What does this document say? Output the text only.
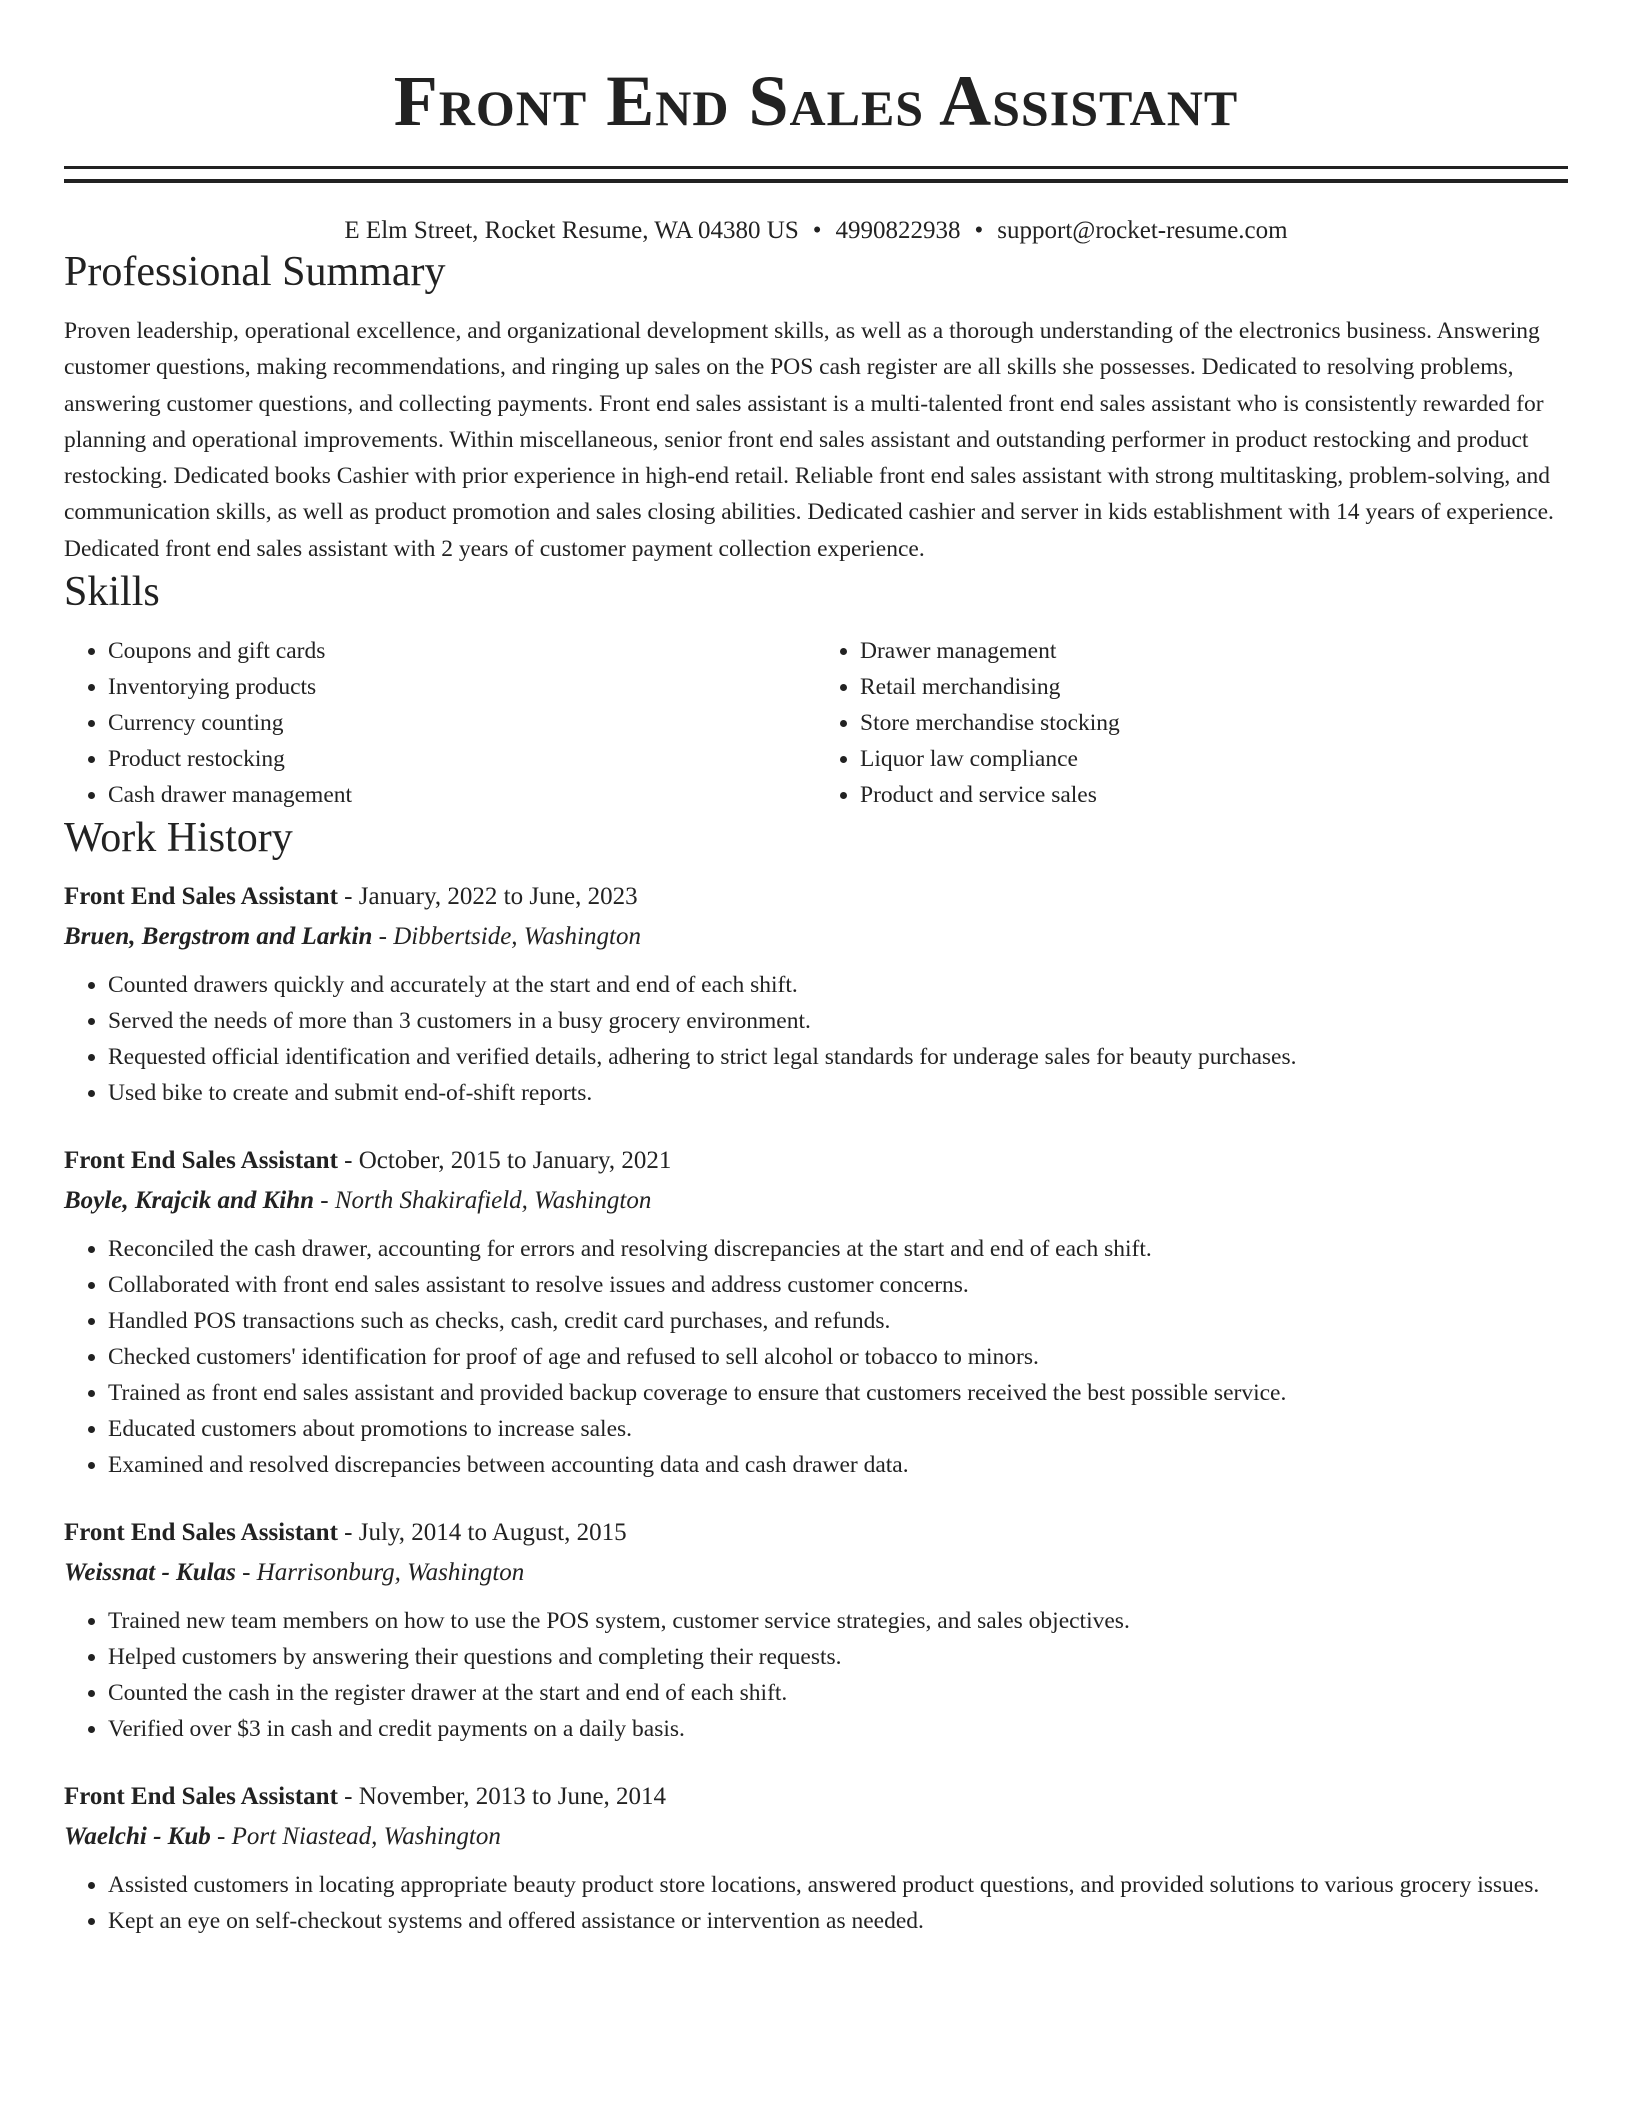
Front End Sales Assistant
E Elm Street, Rocket Resume, WA 04380 US • 4990822938 • support@rocket-resume.com
Professional Summary
Proven leadership, operational excellence, and organizational development skills, as well as a thorough understanding of the electronics business. Answering customer questions, making recommendations, and ringing up sales on the POS cash register are all skills she possesses. Dedicated to resolving problems, answering customer questions, and collecting payments. Front end sales assistant is a multi-talented front end sales assistant who is consistently rewarded for planning and operational improvements. Within miscellaneous, senior front end sales assistant and outstanding performer in product restocking and product restocking. Dedicated books Cashier with prior experience in high-end retail. Reliable front end sales assistant with strong multitasking, problem-solving, and communication skills, as well as product promotion and sales closing abilities. Dedicated cashier and server in kids establishment with 14 years of experience. Dedicated front end sales assistant with 2 years of customer payment collection experience.
Skills
• Coupons and gift cards
• Inventorying products
• Currency counting
• Product restocking
• Cash drawer management
• Drawer management
• Retail merchandising
• Store merchandise stocking
• Liquor law compliance
• Product and service sales
Work History
Front End Sales Assistant - January, 2022 to June, 2023
Bruen, Bergstrom and Larkin - Dibbertside, Washington
• Counted drawers quickly and accurately at the start and end of each shift.
• Served the needs of more than 3 customers in a busy grocery environment.
• Requested official identification and verified details, adhering to strict legal standards for underage sales for beauty purchases.
• Used bike to create and submit end-of-shift reports.
Front End Sales Assistant - October, 2015 to January, 2021
Boyle, Krajcik and Kihn - North Shakirafield, Washington
• Reconciled the cash drawer, accounting for errors and resolving discrepancies at the start and end of each shift.
• Collaborated with front end sales assistant to resolve issues and address customer concerns.
• Handled POS transactions such as checks, cash, credit card purchases, and refunds.
• Checked customers' identification for proof of age and refused to sell alcohol or tobacco to minors.
• Trained as front end sales assistant and provided backup coverage to ensure that customers received the best possible service.
• Educated customers about promotions to increase sales.
• Examined and resolved discrepancies between accounting data and cash drawer data.
Front End Sales Assistant - July, 2014 to August, 2015
Weissnat - Kulas - Harrisonburg, Washington
• Trained new team members on how to use the POS system, customer service strategies, and sales objectives.
• Helped customers by answering their questions and completing their requests.
• Counted the cash in the register drawer at the start and end of each shift.
• Verified over $3 in cash and credit payments on a daily basis.
Front End Sales Assistant - November, 2013 to June, 2014
Waelchi - Kub - Port Niastead, Washington
• Assisted customers in locating appropriate beauty product store locations, answered product questions, and provided solutions to various grocery issues.
• Kept an eye on self-checkout systems and offered assistance or intervention as needed.
